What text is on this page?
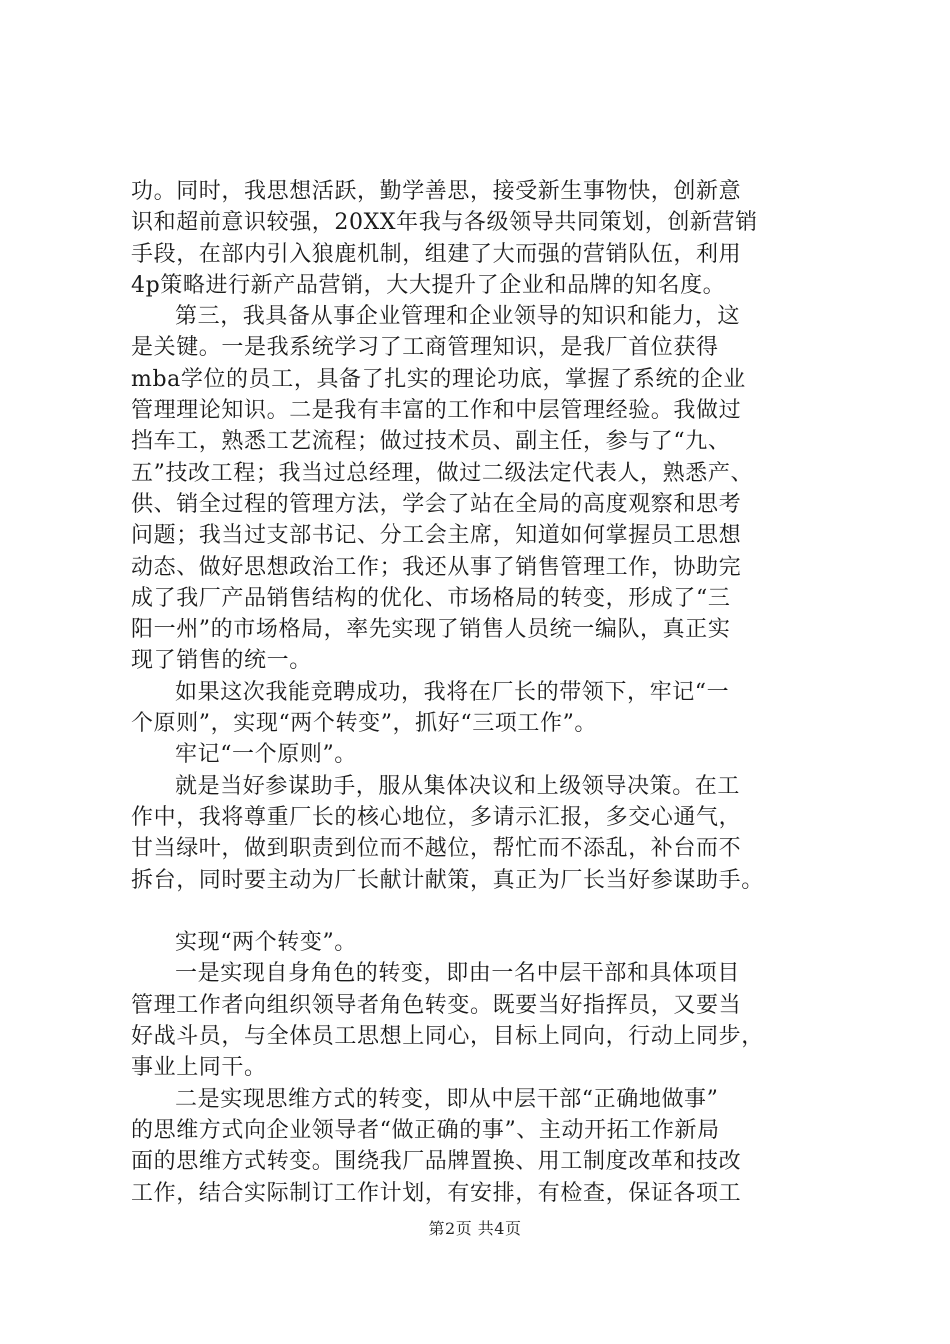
功。同时，我思想活跃，勤学善思，接受新生事物快，创新意
识和超前意识较强，20XX年我与各级领导共同策划，创新营销
手段，在部内引入狼鹿机制，组建了大而强的营销队伍，利用
4p策略进行新产品营销，大大提升了企业和品牌的知名度。
第三，我具备从事企业管理和企业领导的知识和能力，这
是关键。一是我系统学习了工商管理知识，是我厂首位获得
mba学位的员工，具备了扎实的理论功底，掌握了系统的企业
管理理论知识。二是我有丰富的工作和中层管理经验。我做过
挡车工，熟悉工艺流程；做过技术员、副主任，参与了“九、
五”技改工程；我当过总经理，做过二级法定代表人，熟悉产、
供、销全过程的管理方法，学会了站在全局的高度观察和思考
问题；我当过支部书记、分工会主席，知道如何掌握员工思想
动态、做好思想政治工作；我还从事了销售管理工作，协助完
成了我厂产品销售结构的优化、市场格局的转变，形成了“三
阳一州”的市场格局，率先实现了销售人员统一编队，真正实
现了销售的统一。
如果这次我能竞聘成功，我将在厂长的带领下，牢记“一
个原则”，实现“两个转变”，抓好“三项工作”。
牢记“一个原则”。
就是当好参谋助手，服从集体决议和上级领导决策。在工
作中，我将尊重厂长的核心地位，多请示汇报，多交心通气，
甘当绿叶，做到职责到位而不越位，帮忙而不添乱，补台而不
拆台，同时要主动为厂长献计献策，真正为厂长当好参谋助手。
实现“两个转变”。
一是实现自身角色的转变，即由一名中层干部和具体项目
管理工作者向组织领导者角色转变。既要当好指挥员，又要当
好战斗员，与全体员工思想上同心，目标上同向，行动上同步，
事业上同干。
二是实现思维方式的转变，即从中层干部“正确地做事”
的思维方式向企业领导者“做正确的事”、主动开拓工作新局
面的思维方式转变。围绕我厂品牌置换、用工制度改革和技改
工作，结合实际制订工作计划，有安排，有检查，保证各项工
第2页 共4页
